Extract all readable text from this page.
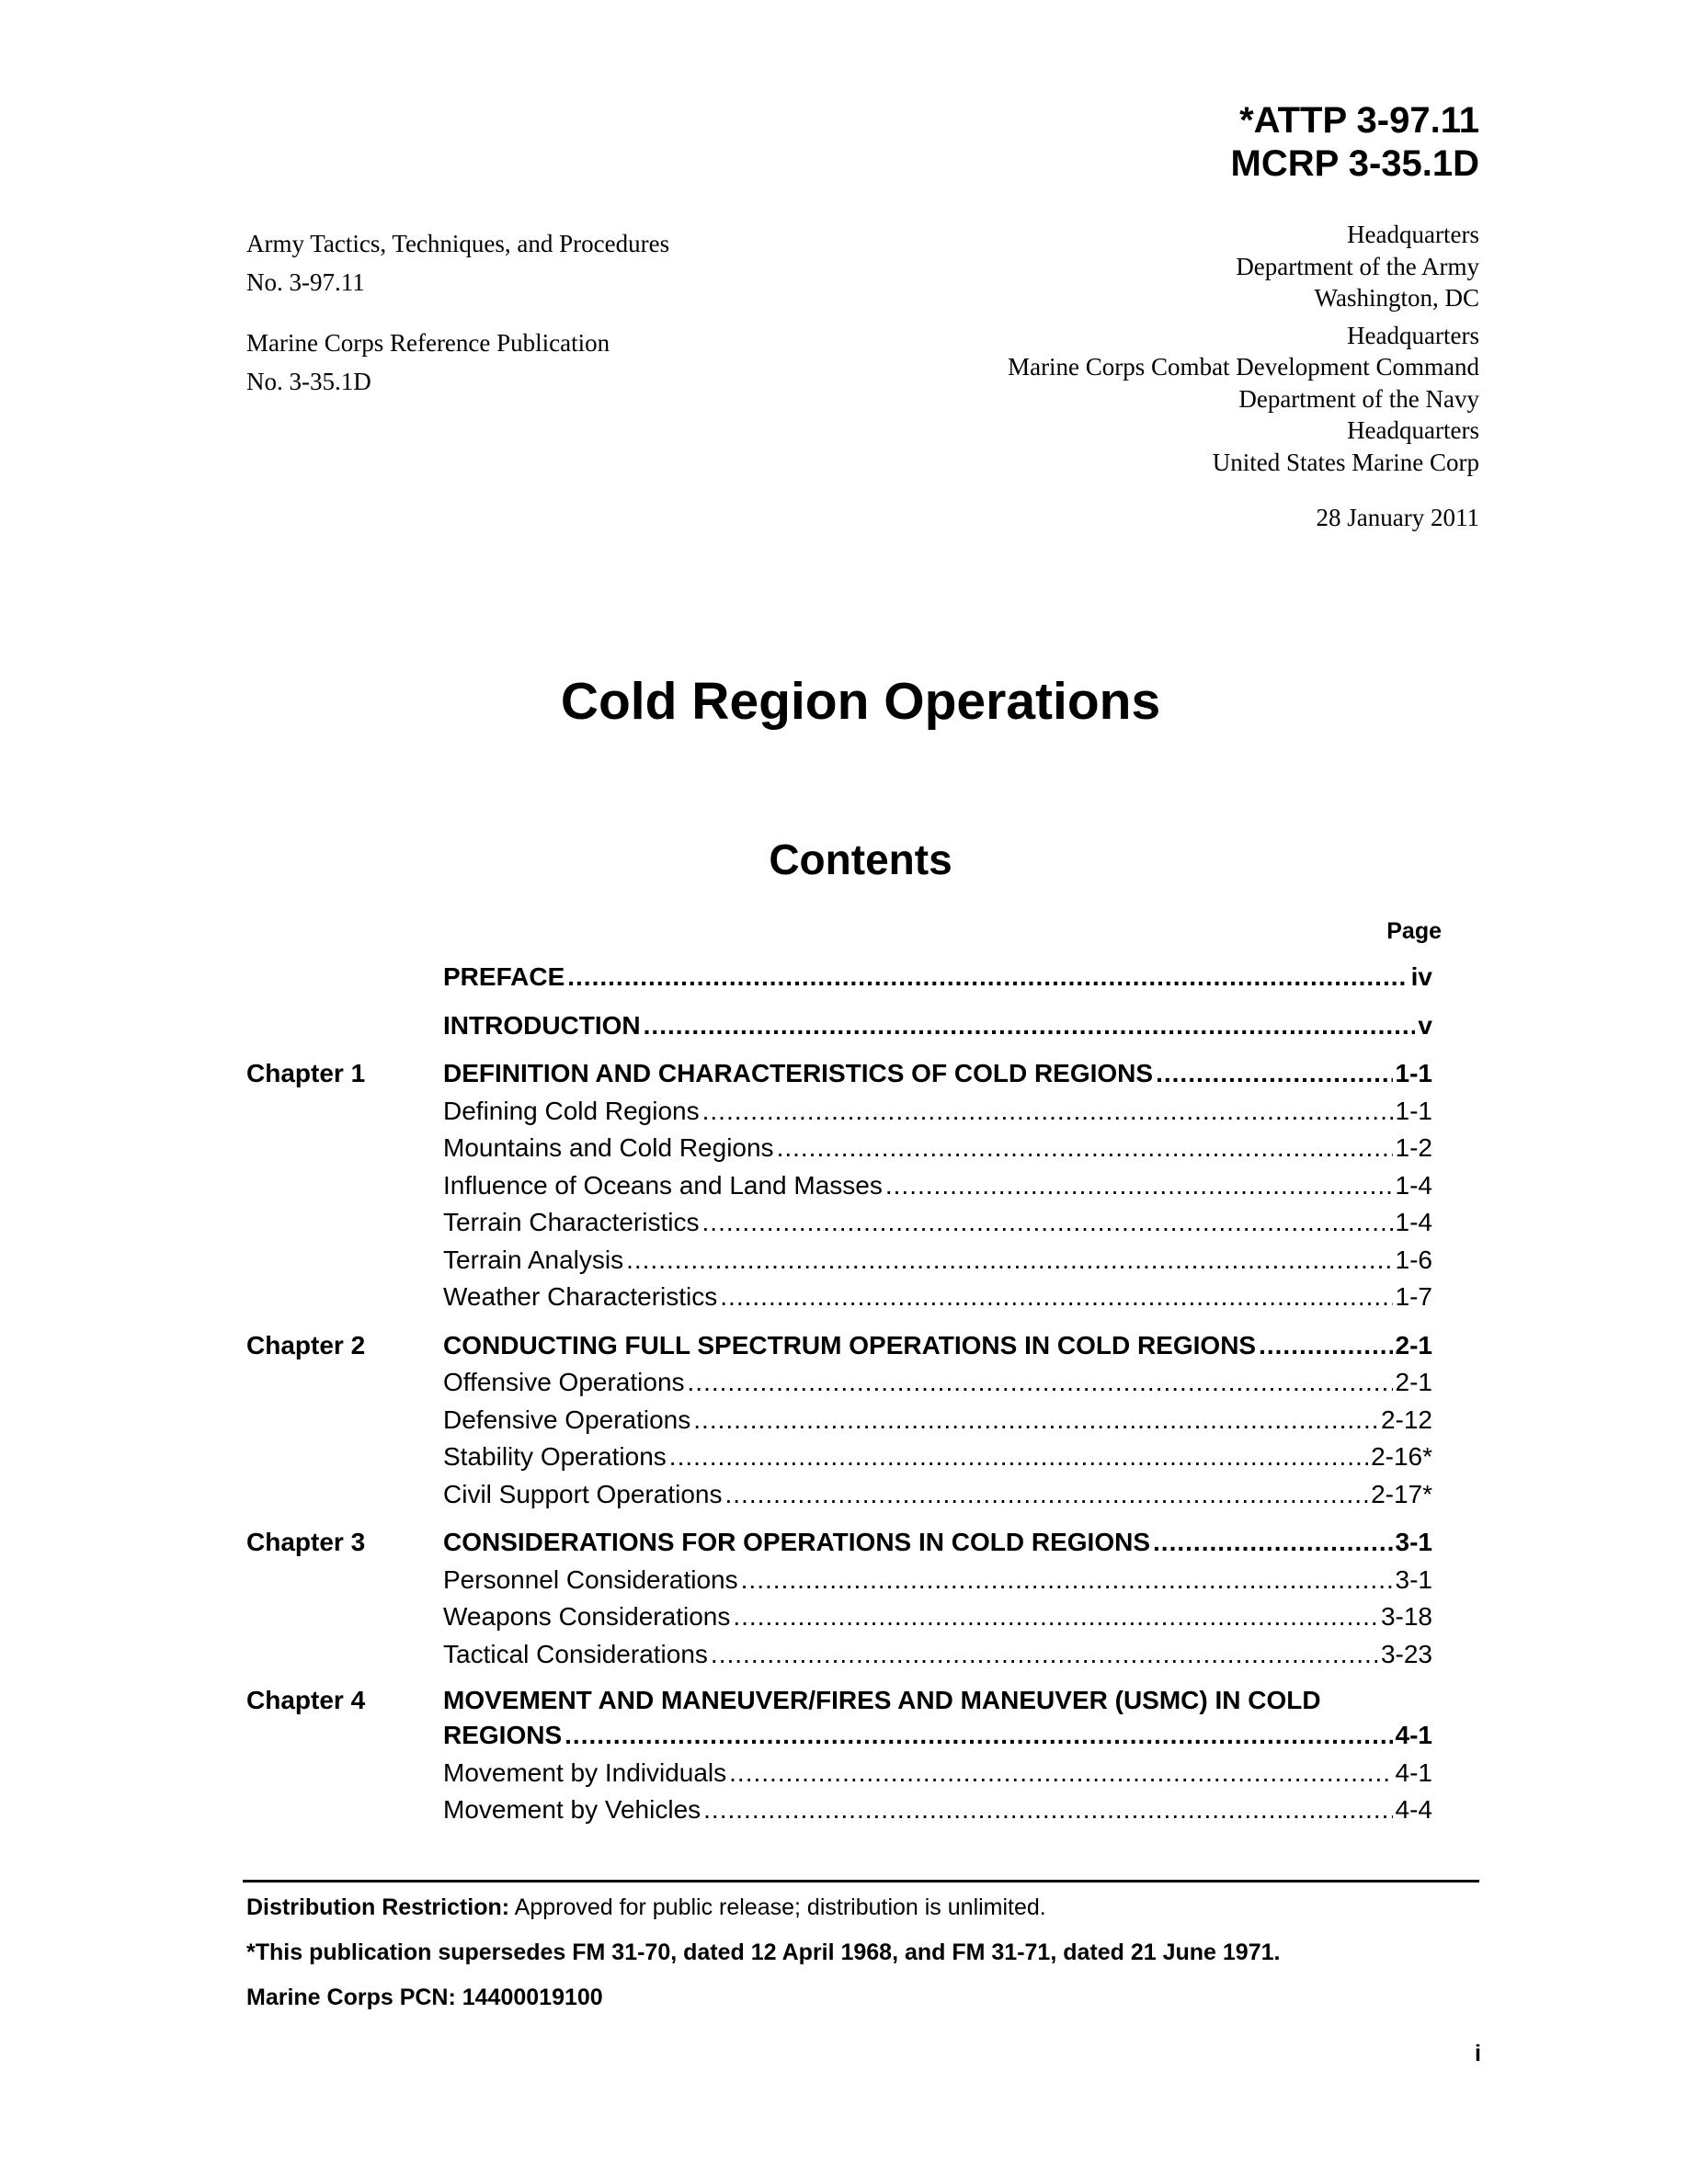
*ATTP 3-97.11
MCRP 3-35.1D
Army Tactics, Techniques, and Procedures
No. 3-97.11
Marine Corps Reference Publication
No. 3-35.1D
Headquarters
Department of the Army
Washington, DC
Headquarters
Marine Corps Combat Development Command
Department of the Navy
Headquarters
United States Marine Corp
28 January 2011
Cold Region Operations
Contents
Page
PREFACE .....	iv
INTRODUCTION .....	v
Chapter 1	DEFINITION AND CHARACTERISTICS OF COLD REGIONS .....	1-1
Defining Cold Regions .....	1-1
Mountains and Cold Regions .....	1-2
Influence of Oceans and Land Masses .....	1-4
Terrain Characteristics .....	1-4
Terrain Analysis .....	1-6
Weather Characteristics .....	1-7
Chapter 2	CONDUCTING FULL SPECTRUM OPERATIONS IN COLD REGIONS .....	2-1
Offensive Operations .....	2-1
Defensive Operations .....	2-12
Stability Operations .....	2-16*
Civil Support Operations .....	2-17*
Chapter 3	CONSIDERATIONS FOR OPERATIONS IN COLD REGIONS .....	3-1
Personnel Considerations .....	3-1
Weapons Considerations .....	3-18
Tactical Considerations .....	3-23
Chapter 4	MOVEMENT AND MANEUVER/FIRES AND MANEUVER (USMC) IN COLD
REGIONS .....	4-1
Movement by Individuals .....	4-1
Movement by Vehicles .....	4-4
Distribution Restriction: Approved for public release; distribution is unlimited.
*This publication supersedes FM 31-70, dated 12 April 1968, and FM 31-71, dated 21 June 1971.
Marine Corps PCN: 14400019100
i
